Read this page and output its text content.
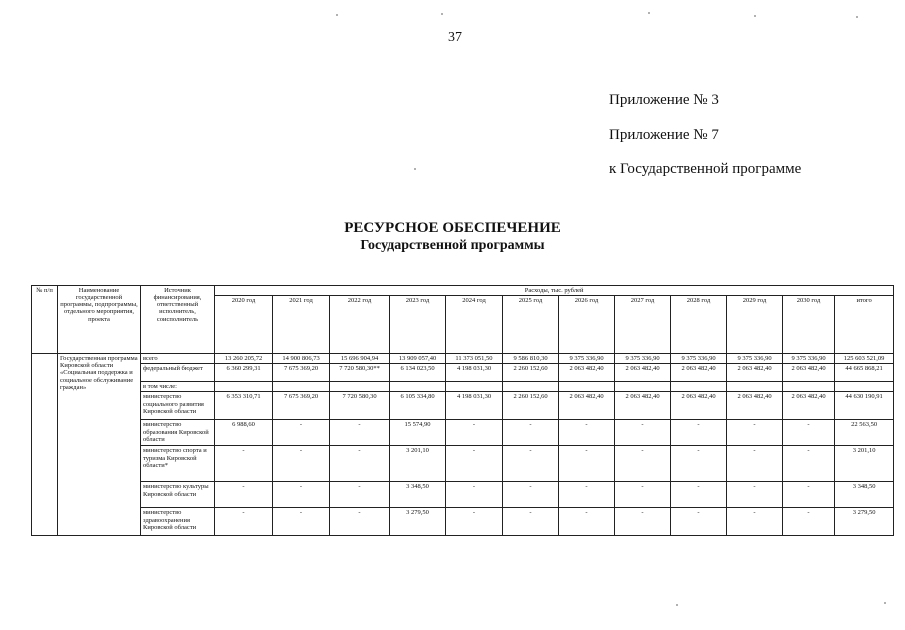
37
Приложение № 3
Приложение № 7
к Государственной программе
РЕСУРСНОЕ ОБЕСПЕЧЕНИЕ
Государственной программы
№ п/п	Наименование государственной программы, подпрограммы, отдельного мероприятия, проекта	Источник финансирования, ответственный исполнитель, соисполнитель	Расходы, тыс. рублей											
			2020 год	2021 год	2022 год	2023 год	2024 год	2025 год	2026 год	2027 год	2028 год	2029 год	2030 год	итого
	Государственная программа Кировской области «Социальная поддержка и социальное обслуживание граждан»	всего	13 260 205,72	14 900 806,73	15 696 904,94	13 909 057,40	11 373 051,50	9 586 810,30	9 375 336,90	9 375 336,90	9 375 336,90	9 375 336,90	9 375 336,90	125 603 521,09
		федеральный бюджет	6 360 299,31	7 675 369,20	7 720 580,30**	6 134 023,50	4 198 031,30	2 260 152,60	2 063 482,40	2 063 482,40	2 063 482,40	2 063 482,40	2 063 482,40	44 665 868,21
		в том числе:												
		министерство социального развития Кировской области	6 353 310,71	7 675 369,20	7 720 580,30	6 105 334,80	4 198 031,30	2 260 152,60	2 063 482,40	2 063 482,40	2 063 482,40	2 063 482,40	2 063 482,40	44 630 190,91
		министерство образования Кировской области	6 988,60	-	-	15 574,90	-	-	-	-	-	-	-	22 563,50
		министерство спорта и туризма Кировской области*	-	-	-	3 201,10	-	-	-	-	-	-	-	3 201,10
		министерство культуры Кировской области	-	-	-	3 348,50	-	-	-	-	-	-	-	3 348,50
		министерство здравоохранения Кировской области	-	-	-	3 279,50	-	-	-	-	-	-	-	3 279,50
